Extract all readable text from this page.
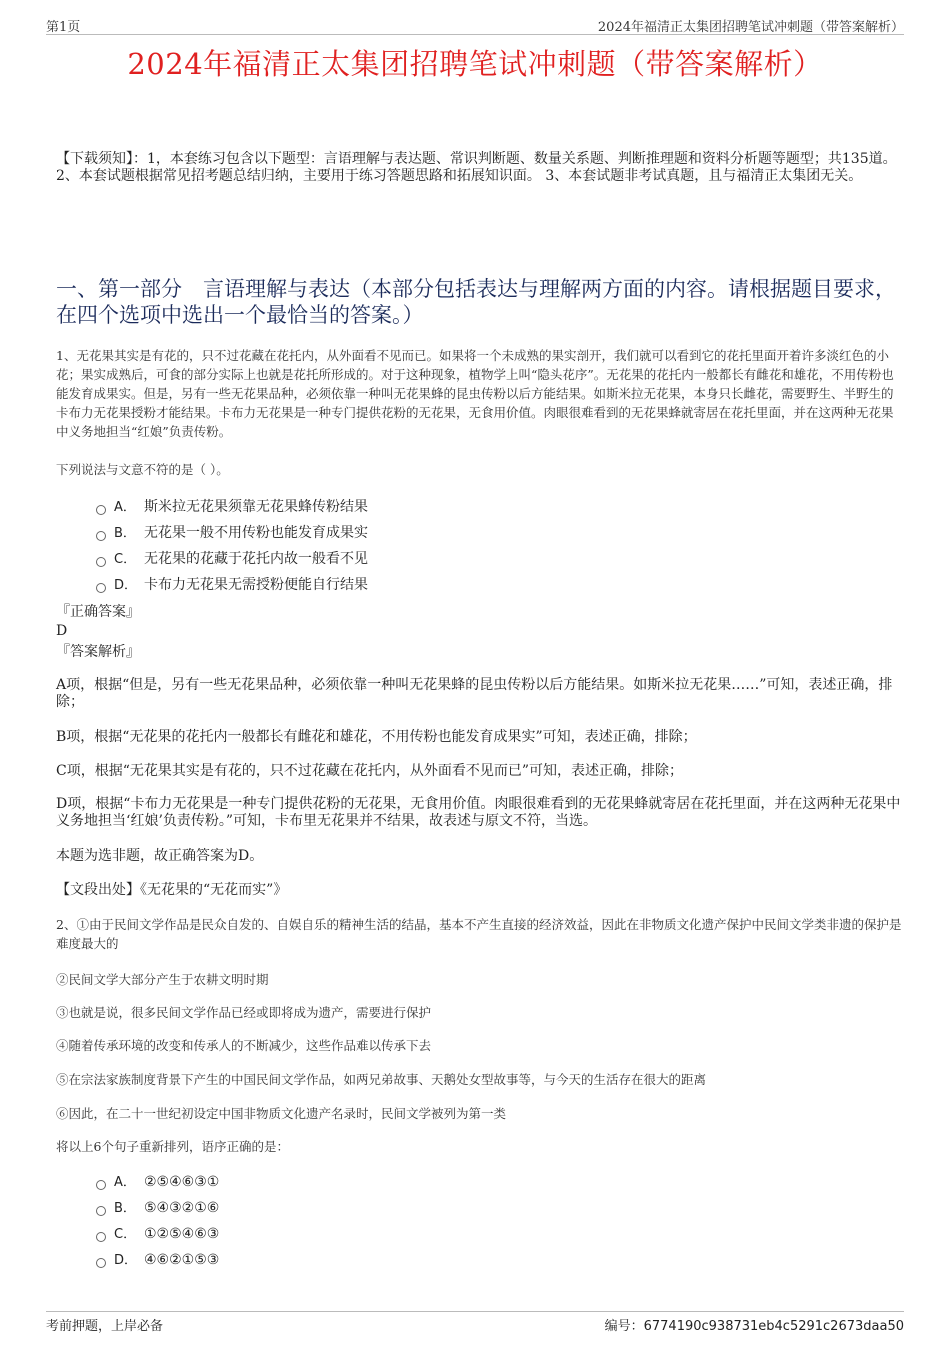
第1页	2024年福清正太集团招聘笔试冲刺题（带答案解析）
2024年福清正太集团招聘笔试冲刺题（带答案解析）
【下载须知】：1，本套练习包含以下题型：言语理解与表达题、常识判断题、数量关系题、判断推理题和资料分析题等题型；共135道。 2、本套试题根据常见招考题总结归纳，主要用于练习答题思路和拓展知识面。 3、本套试题非考试真题，且与福清正太集团无关。
一、第一部分　言语理解与表达（本部分包括表达与理解两方面的内容。请根据题目要求，在四个选项中选出一个最恰当的答案。）
1、无花果其实是有花的，只不过花藏在花托内，从外面看不见而已。如果将一个未成熟的果实剖开，我们就可以看到它的花托里面开着许多淡红色的小花；果实成熟后，可食的部分实际上也就是花托所形成的。对于这种现象，植物学上叫“隐头花序”。无花果的花托内一般都长有雌花和雄花，不用传粉也能发育成果实。但是，另有一些无花果品种，必须依靠一种叫无花果蜂的昆虫传粉以后方能结果。如斯米拉无花果，本身只长雌花，需要野生、半野生的卡布力无花果授粉才能结果。卡布力无花果是一种专门提供花粉的无花果，无食用价值。肉眼很难看到的无花果蜂就寄居在花托里面，并在这两种无花果中义务地担当“红娘”负责传粉。
下列说法与文意不符的是（ ）。
A． 斯米拉无花果须靠无花果蜂传粉结果
B． 无花果一般不用传粉也能发育成果实
C． 无花果的花藏于花托内故一般看不见
D． 卡布力无花果无需授粉便能自行结果
『正确答案』
D
『答案解析』
A项，根据“但是，另有一些无花果品种，必须依靠一种叫无花果蜂的昆虫传粉以后方能结果。如斯米拉无花果……”可知，表述正确，排除；
B项，根据“无花果的花托内一般都长有雌花和雄花，不用传粉也能发育成果实”可知，表述正确，排除；
C项，根据“无花果其实是有花的，只不过花藏在花托内，从外面看不见而已”可知，表述正确，排除；
D项，根据“卡布力无花果是一种专门提供花粉的无花果，无食用价值。肉眼很难看到的无花果蜂就寄居在花托里面，并在这两种无花果中义务地担当‘红娘’负责传粉。”可知，卡布里无花果并不结果，故表述与原文不符，当选。
本题为选非题，故正确答案为D。
【文段出处】《无花果的“无花而实”》
2、①由于民间文学作品是民众自发的、自娱自乐的精神生活的结晶，基本不产生直接的经济效益，因此在非物质文化遗产保护中民间文学类非遗的保护是难度最大的
②民间文学大部分产生于农耕文明时期
③也就是说，很多民间文学作品已经或即将成为遗产，需要进行保护
④随着传承环境的改变和传承人的不断减少，这些作品难以传承下去
⑤在宗法家族制度背景下产生的中国民间文学作品，如两兄弟故事、天鹅处女型故事等，与今天的生活存在很大的距离
⑥因此，在二十一世纪初设定中国非物质文化遗产名录时，民间文学被列为第一类
将以上6个句子重新排列，语序正确的是：
A． ②⑤④⑥③①
B． ⑤④③②①⑥
C． ①②⑤④⑥③
D． ④⑥②①⑤③
考前押题，上岸必备	编号：6774190c938731eb4c5291c2673daa50
